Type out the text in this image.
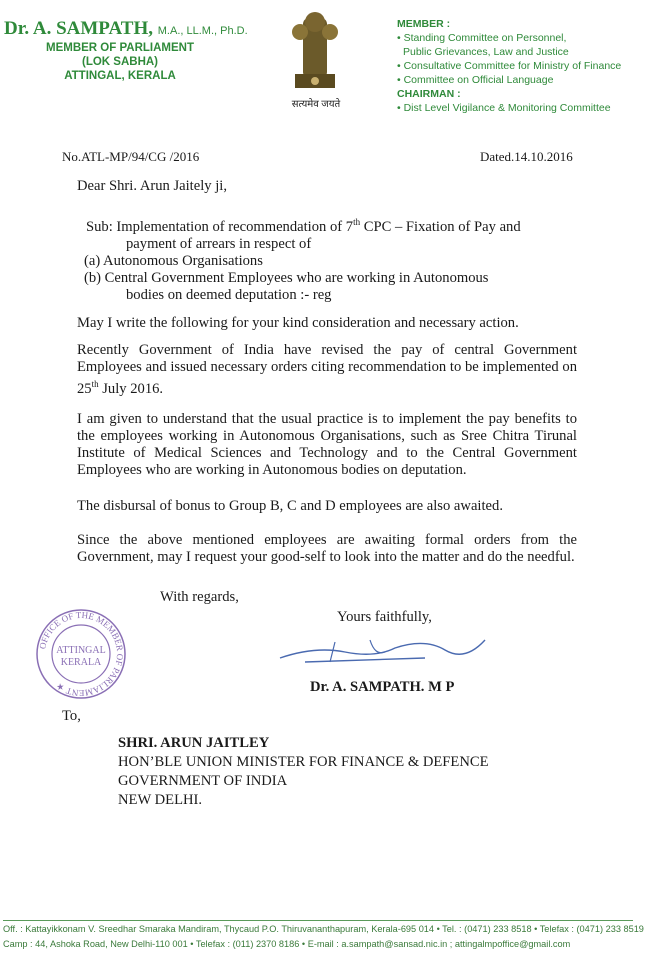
Dr. A. SAMPATH, M.A., LL.M., Ph.D.
MEMBER OF PARLIAMENT
(LOK SABHA)
ATTINGAL, KERALA
सत्यमेव जयते
MEMBER :
• Standing Committee on Personnel,
Public Grievances, Law and Justice
• Consultative Committee for Ministry of Finance
• Committee on Official Language
CHAIRMAN :
• Dist Level Vigilance & Monitoring Committee
No.ATL-MP/94/CG /2016	Dated.14.10.2016
Dear Shri. Arun Jaitely ji,
Sub: Implementation of recommendation of 7th CPC – Fixation of Pay and
payment of arrears in respect of
(a) Autonomous Organisations
(b) Central Government Employees who are working in Autonomous
bodies on deemed deputation :- reg

May I write the following for your kind consideration and necessary action.

Recently Government of India have revised the pay of central Government Employees and issued necessary orders citing recommendation to be implemented on 25th July 2016.

I am given to understand that the usual practice is to implement the pay benefits to the employees working in Autonomous Organisations, such as Sree Chitra Tirunal Institute of Medical Sciences and Technology and to the Central Government Employees who are working in Autonomous bodies on deputation.

The disbursal of bonus to Group B, C and D employees are also awaited.

Since the above mentioned employees are awaiting formal orders from the Government, may I request your good-self to look into the matter and do the needful.

With regards,
Yours faithfully,
Dr. A. SAMPATH. M P
OFFICE OF THE MEMBER OF PARLIAMENT ★
ATTINGAL
KERALA
To,
SHRI. ARUN JAITLEY
HON’BLE UNION MINISTER FOR FINANCE & DEFENCE
GOVERNMENT OF INDIA
NEW DELHI.
Off. : Kattayikkonam V. Sreedhar Smaraka Mandiram, Thycaud P.O. Thiruvananthapuram, Kerala-695 014 • Tel. : (0471) 233 8518 • Telefax : (0471) 233 8519
Camp : 44, Ashoka Road, New Delhi-110 001 • Telefax : (011) 2370 8186 • E-mail : a.sampath@sansad.nic.in ; attingalmpoffice@gmail.com
